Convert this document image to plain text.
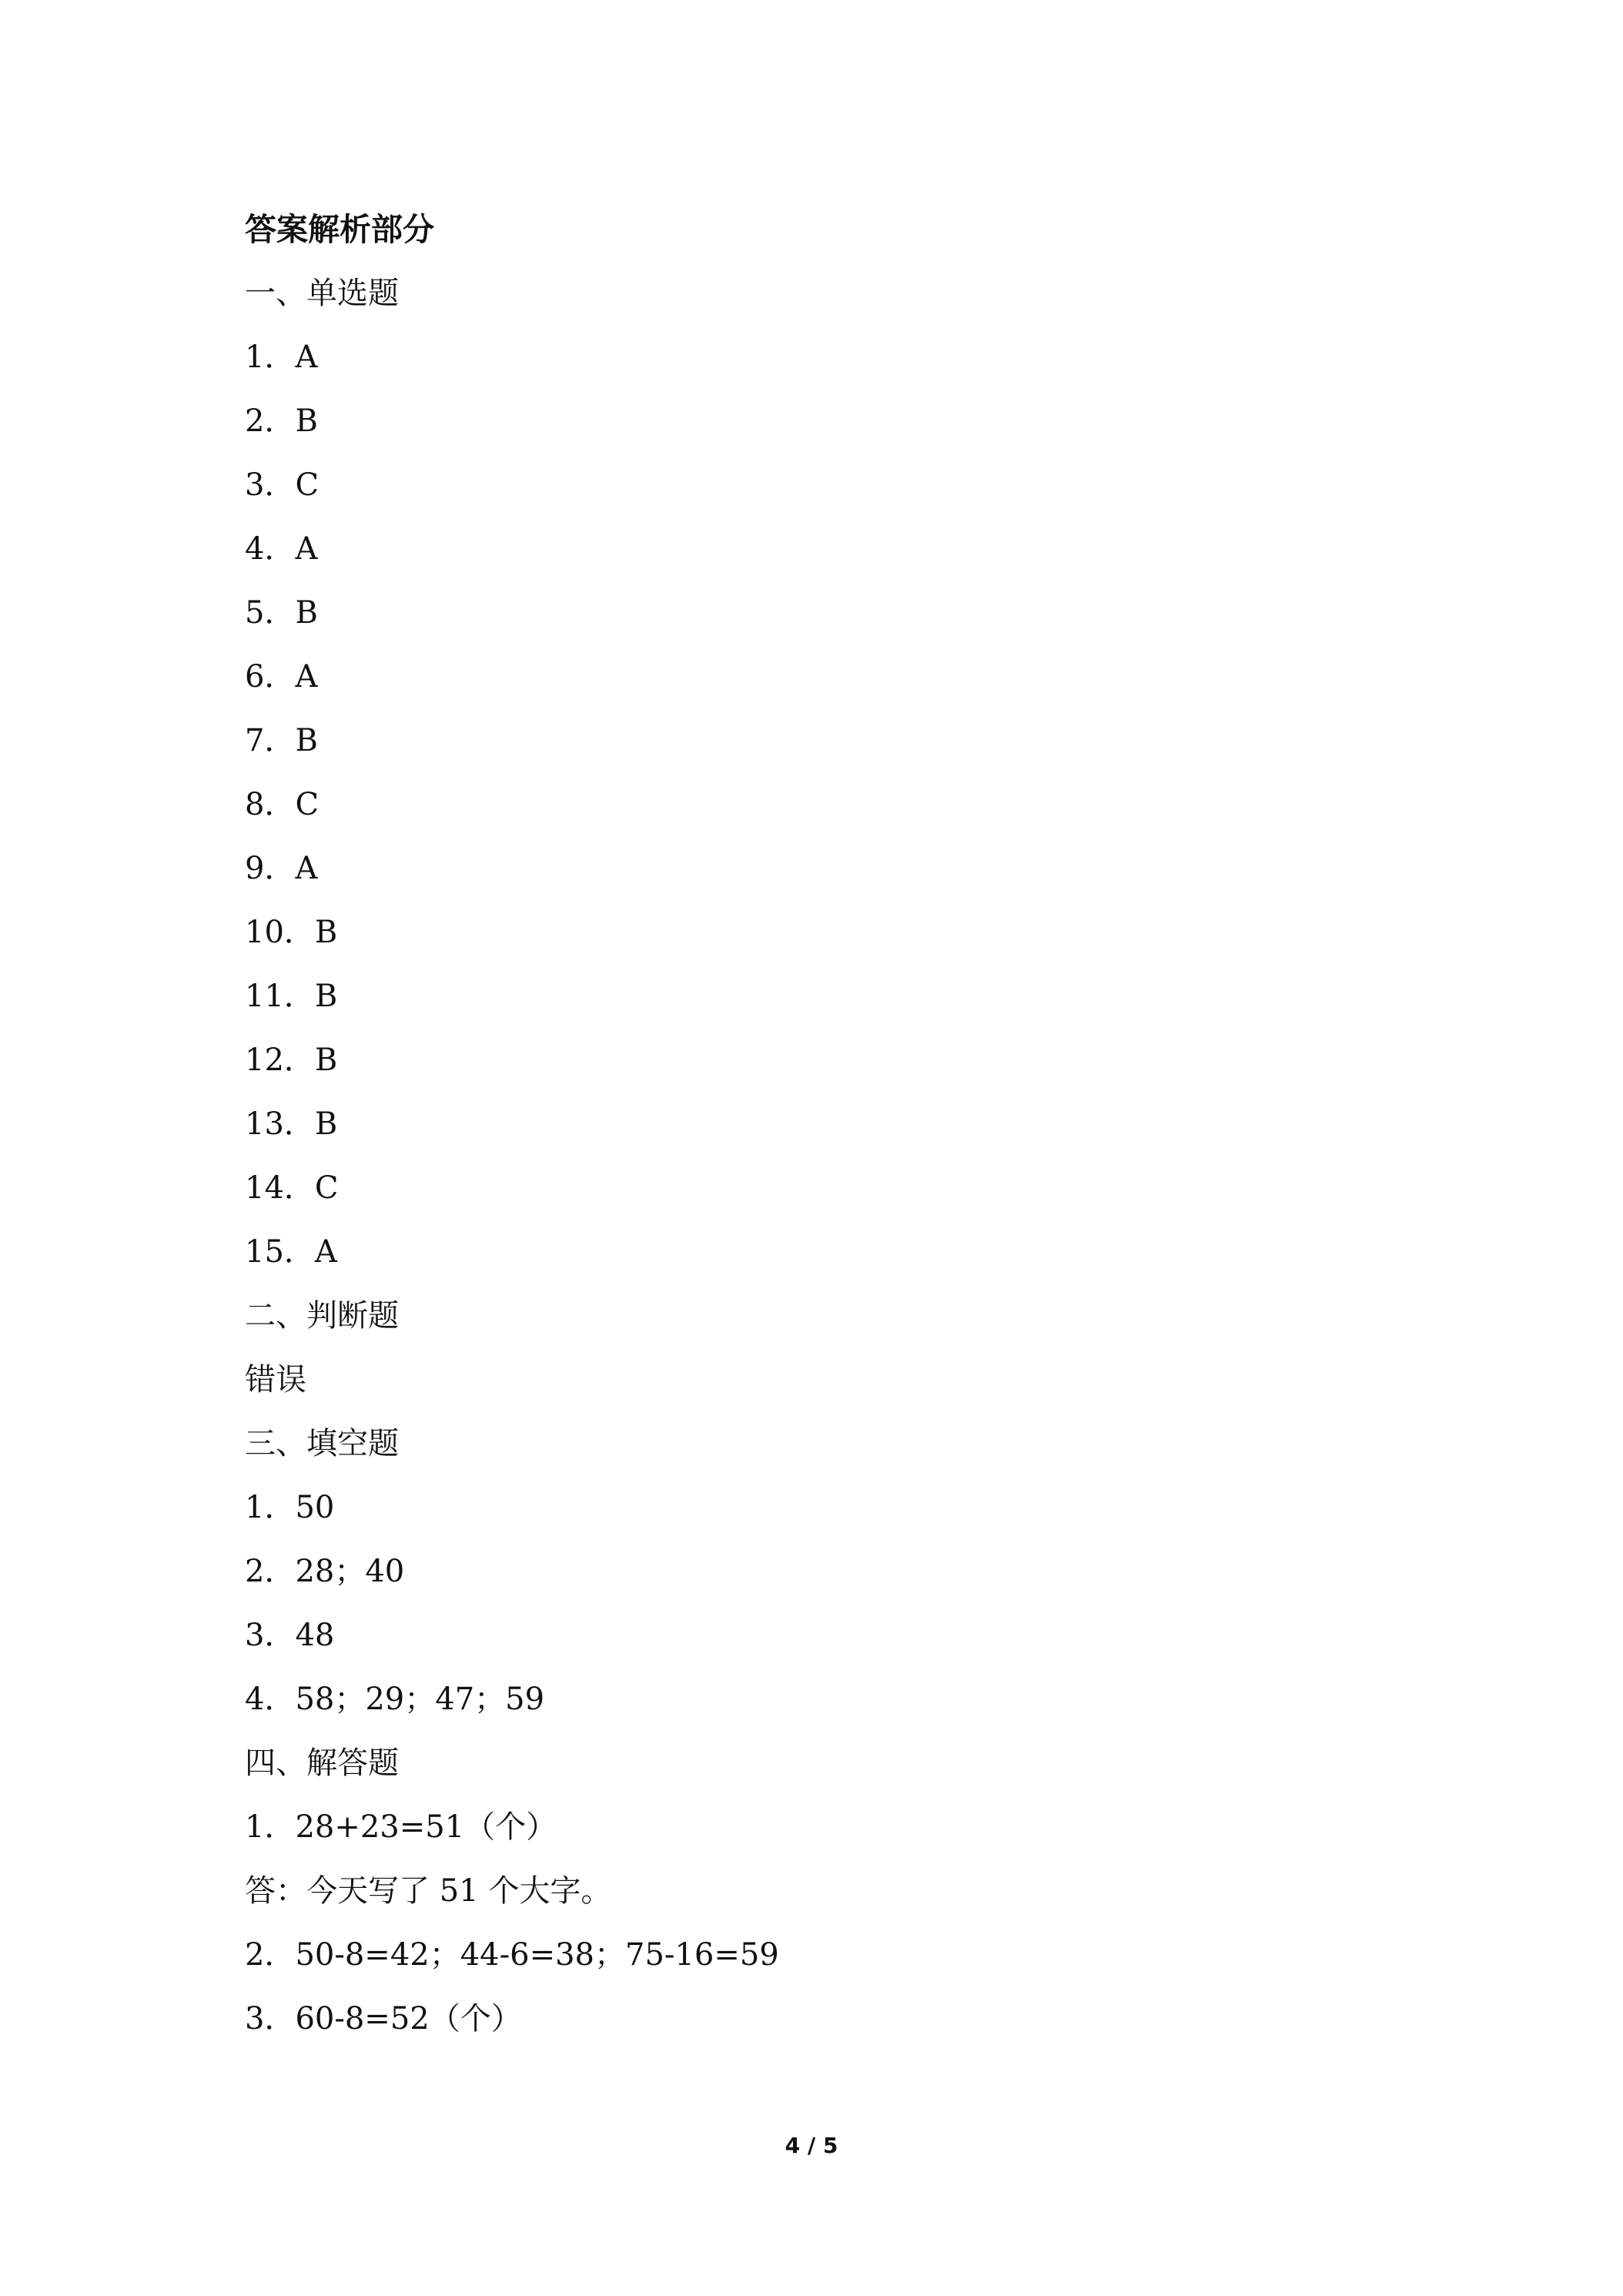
答案解析部分
一、单选题
1．A
2．B
3．C
4．A
5．B
6．A
7．B
8．C
9．A
10．B
11．B
12．B
13．B
14．C
15．A
二、判断题
错误
三、填空题
1．50
2．28；40
3．48
4．58；29；47；59
四、解答题
1．28+23=51（个）
答：今天写了 51 个大字。
2．50-8=42；44-6=38；75-16=59
3．60-8=52（个）
4 / 5
